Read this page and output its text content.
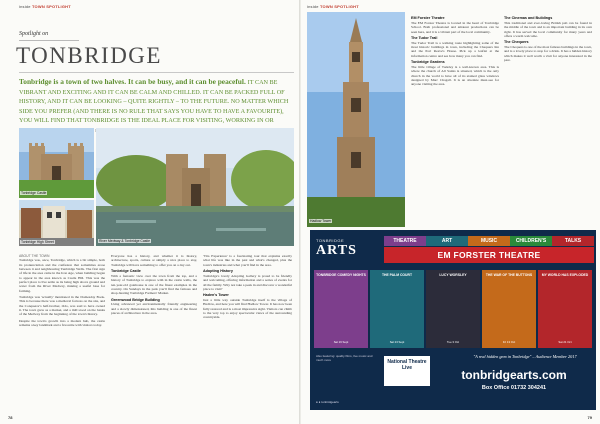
inside TOWN SPOTLIGHT
Spotlight on
TONBRIDGE
Tonbridge is a town of two halves. It can be busy, and it can be peaceful. IT CAN BE VIBRANT AND EXCITING AND IT CAN BE CALM AND CHILLED. IT CAN BE PACKED FULL OF HISTORY, AND IT CAN BE LOOKING – QUITE RIGHTLY – TO THE FUTURE. NO MATTER WHICH SIDE YOU PREFER (AND THERE IS NO RULE THAT SAYS YOU HAVE TO HAVE A FAVOURITE), YOU WILL FIND THAT TONBRIDGE IS THE IDEAL PLACE FOR VISITING, WORKING IN OR
Tonbridge Castle
Tonbridge High Street	River Medway & Tonbridge Castle
ABOUT THE TOWN

Tonbridge was, once, Tonbridge, which is a bit simple, both its pronunciation and the confusion that sometimes arose between it and neighbouring Tunbridge Wells. The first sign of life in the area came in the Iron Age, when building began to appear in the area known as Castle Hill. This was the perfect place to live settle as its being high above ground and water from the River Medway, making a useful base for farming.

Tonbridge was 'actually' mentioned in the Domesday Book. This is because there was a medieval fortress on the site, and the Conqueror's half-brother, Odo, was said to have owned it. The town grew as a market, and a mill stood on the banks of the Medway from the beginning of the town's history.

Despite the town's growth into a modern hub, the castle remains a key landmark and a favourite with visitors today.

Everyone has a history, and whether it is history, architecture, sports, culture or simply a nice place to stay, Tonbridge will have something to offer you on a day out.

Tonbridge Castle

With a fantastic view over the town from the top, and a history of Tonbridge to explore with in the castle walls, the ten-year-old gatehouse is one of the finest examples in the country. On Sundays in the park you'll find the famous and shop-busting Tonbridge Farmers' Market.

Greenwood Bridge Building

Using advanced yet environmentally friendly engineering and a slowly dimensioned, this building is one of the finest pieces of architecture in the area.

'Vita Experience' is a fascinating tour that explains exactly what life was like in the past and what's changed, plus the town's industries and what you'll find in the area.

Adopting History

Tonbridge's lovely Adopting Gallery is proud to be friendly and welcoming, offering information and a series of events for all the family. Why not take a peek in and discover a wonderful place to visit?

Haden's Tower

Just a little way outside Tonbridge itself is the village of Hadlow, and here you will find Hadlow Tower. It has now been fully restored and is a most impressive sight. Visitors can climb to the very top to enjoy spectacular views of the surrounding countryside.

78
inside TOWN SPOTLIGHT
Hadlow Tower
EM Forster Theatre

The EM Forster Theatre is located in the heart of Tonbridge School. Both professional and amateur productions can be seen here, and it is a vibrant part of the local community.

The Tudor Trail

The Tudor Trail is a walking route highlighting some of the most historic buildings in town, including the Chequers Inn and the Port Reeve's House. Pick up a leaflet at the information centre and see how many you can find.

Tonbridge Gardens

The little village of Tudeley is a well-known area. This is where the church of All Saints is situated, which is the only church in the world to have all of its stained glass windows designed by Marc Chagall. It is an absolute must-see for anyone visiting the area.

The Cinemas and Buildings

This traditional and ever-loving British pub can be found in the middle of the town and is an important building in its own right. It has served the local community for many years and offers a warm welcome.

The Chequers

The Chequers is one of the most famous buildings in the town, and is a lovely place to stop for a drink. It has a hidden history which makes it well worth a visit for anyone interested in the past.

TONBRIDGE
ARTS
THEATRE	ART	MUSIC	CHILDREN'S	TALKS
EM FORSTER THEATRE
TONBRIDGE COMEDY NIGHTS
Sat 16 Sept
THE PALM COURT
Sat 23 Sept
LUCY WORSLEY
Tue 3 Oct
THE WAR OF THE BUTTONS
Fri 13 Oct
MY WORLD HAS EXPLODED
Sat 21 Oct
Also featuring: quality films, live music and much more	National Theatre Live
"A real hidden gem in Tonbridge" – Audience Member 2017
tonbridgearts.com
Box Office 01732 304241
● ● tonbridgearts
79
